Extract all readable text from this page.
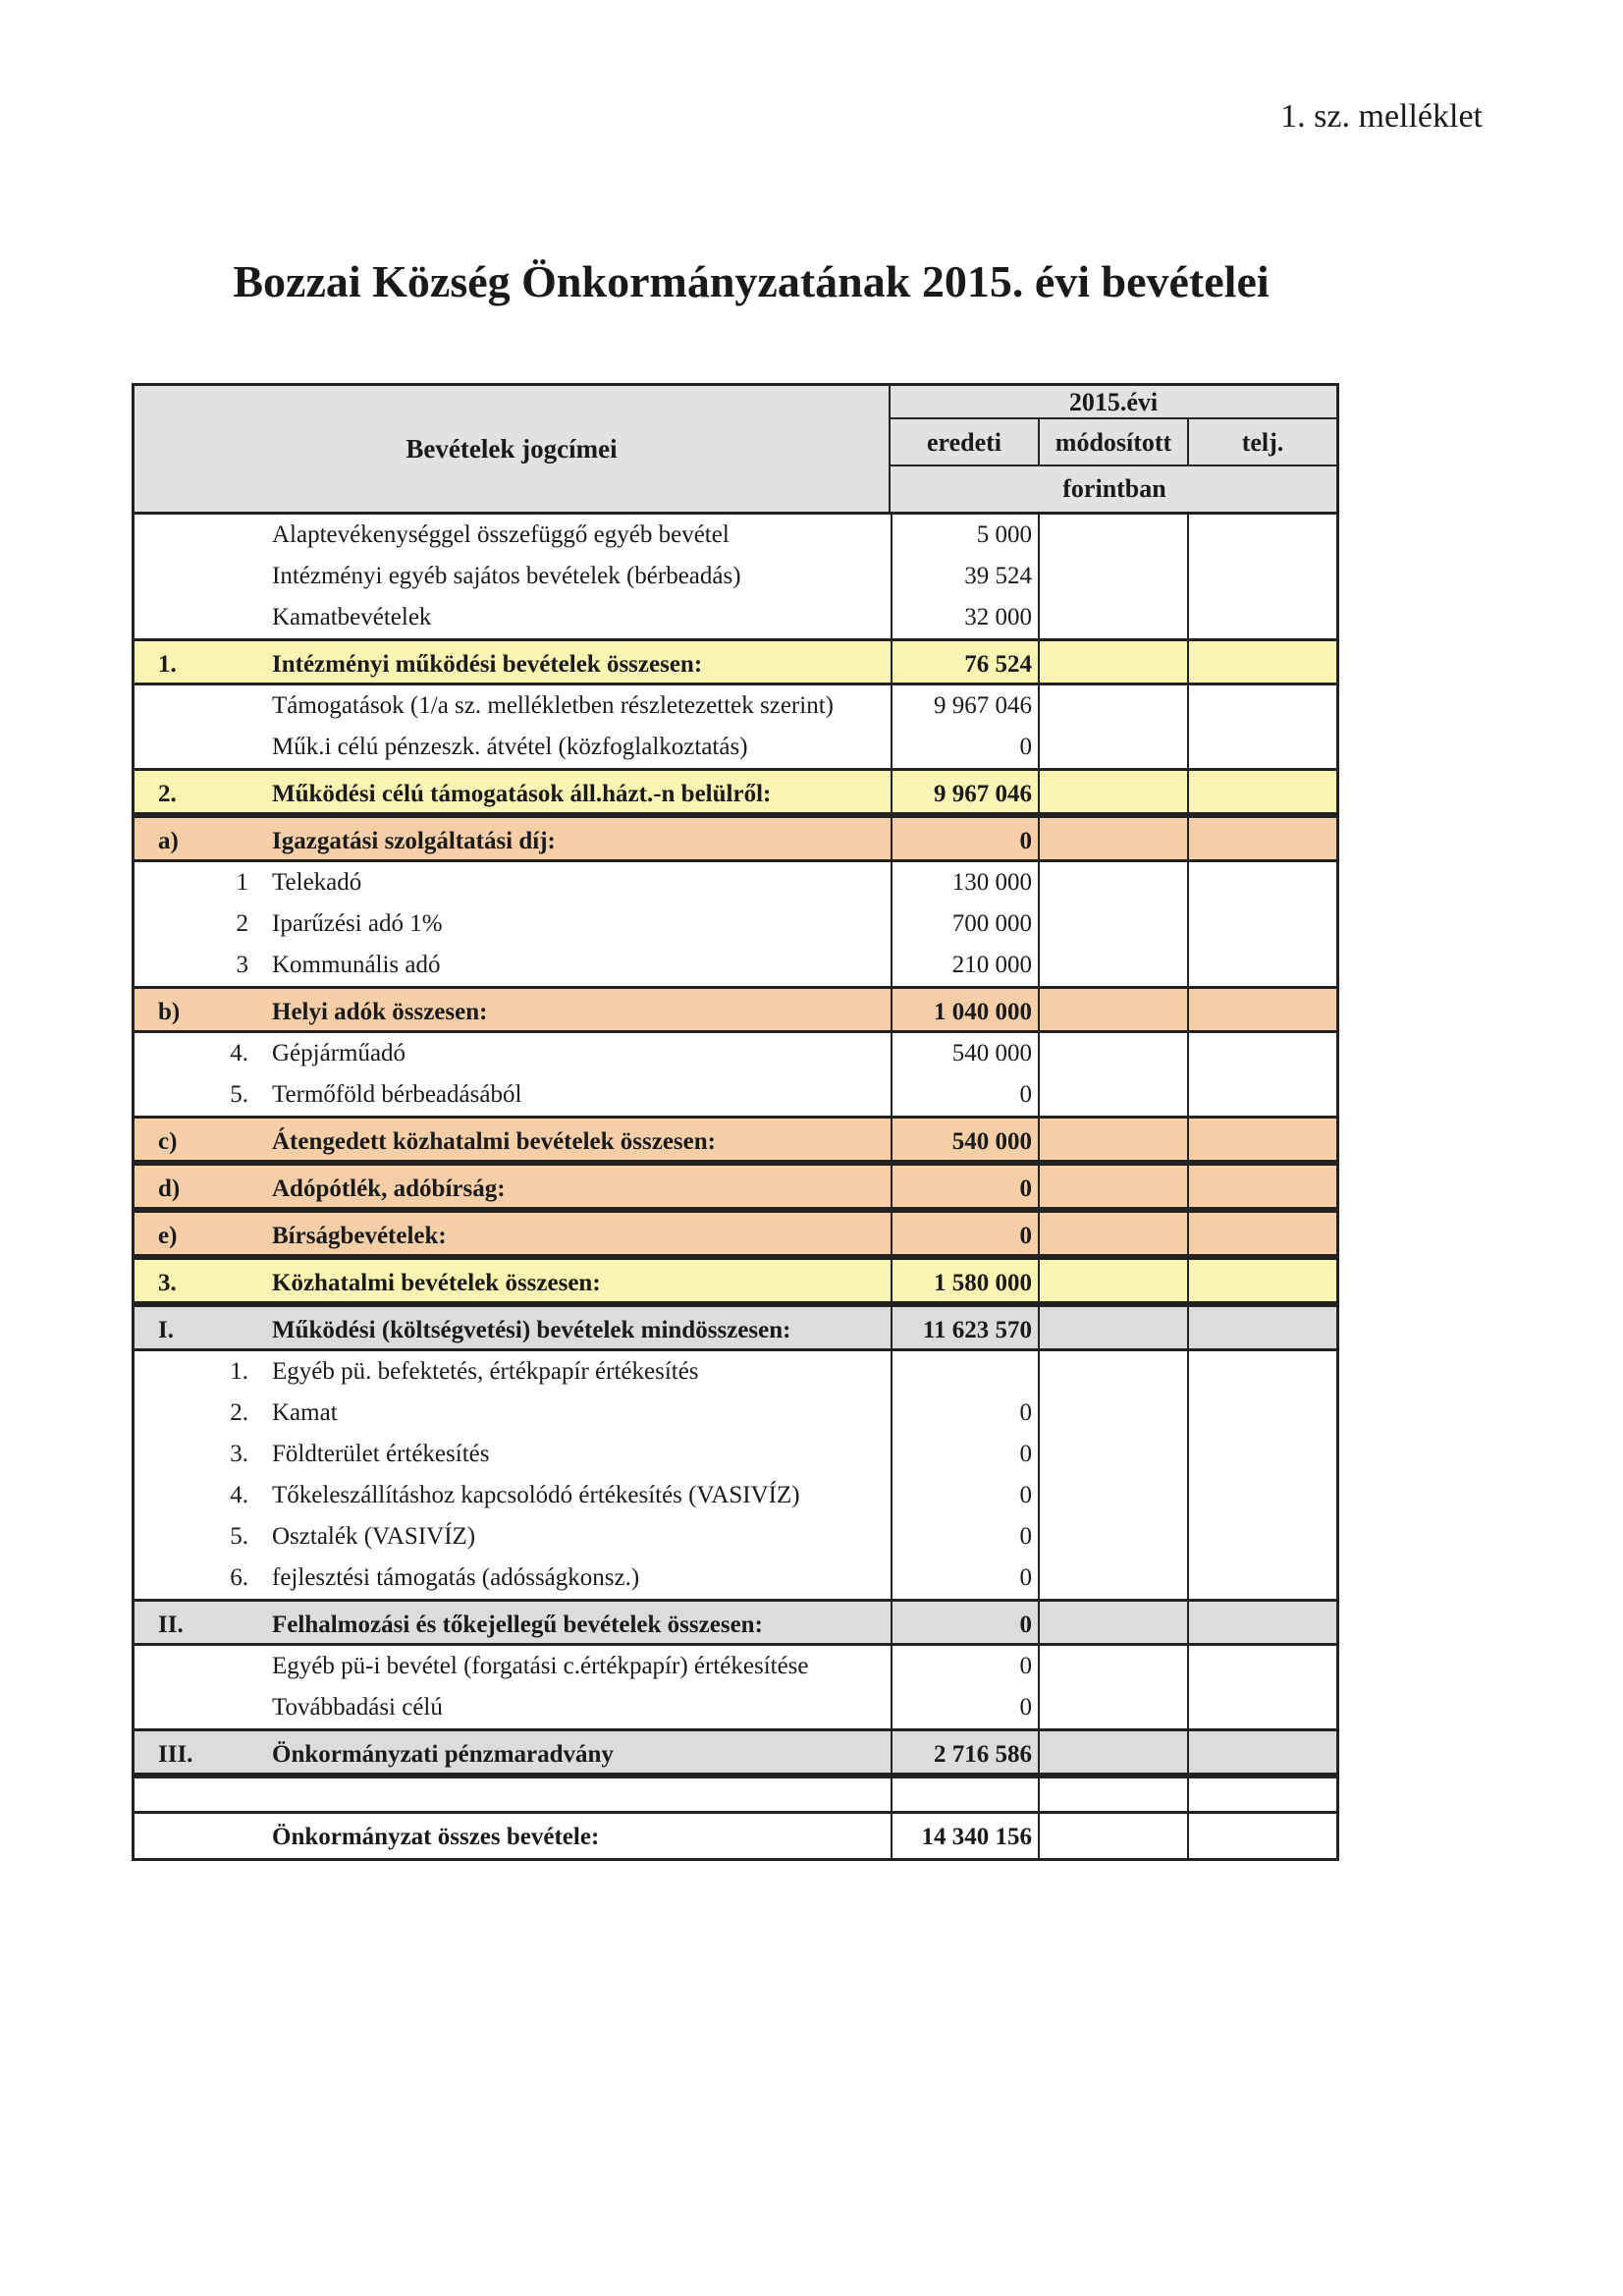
1. sz. melléklet
Bozzai Község Önkormányzatának 2015. évi bevételei
Bevételek jogcímei
2015.évi
eredeti	módosított	telj.
forintban
Alaptevékenységgel összefüggő egyéb bevétel	5 000
Intézményi egyéb sajátos bevételek (bérbeadás)	39 524
Kamatbevételek	32 000
1.	Intézményi működési bevételek összesen:	76 524
Támogatások (1/a sz. mellékletben részletezettek szerint)	9 967 046
Műk.i célú pénzeszk. átvétel (közfoglalkoztatás)	0
2.	Működési célú támogatások áll.házt.-n belülről:	9 967 046
a)	Igazgatási szolgáltatási díj:	0
1 Telekadó	130 000
2 Iparűzési adó 1%	700 000
3 Kommunális adó	210 000
b)	Helyi adók összesen:	1 040 000
4. Gépjárműadó	540 000
5. Termőföld bérbeadásából	0
c)	Átengedett közhatalmi bevételek összesen:	540 000
d)	Adópótlék, adóbírság:	0
e)	Bírságbevételek:	0
3.	Közhatalmi bevételek összesen:	1 580 000
I.	Működési (költségvetési) bevételek mindösszesen:	11 623 570
1. Egyéb pü. befektetés, értékpapír értékesítés
2. Kamat	0
3. Földterület értékesítés	0
4. Tőkeleszállításhoz kapcsolódó értékesítés (VASIVÍZ)	0
5. Osztalék (VASIVÍZ)	0
6. fejlesztési támogatás (adósságkonsz.)	0
II.	Felhalmozási és tőkejellegű bevételek összesen:	0
Egyéb pü-i bevétel (forgatási c.értékpapír) értékesítése	0
Továbbadási célú	0
III.	Önkormányzati pénzmaradvány	2 716 586
Önkormányzat összes bevétele:	14 340 156
